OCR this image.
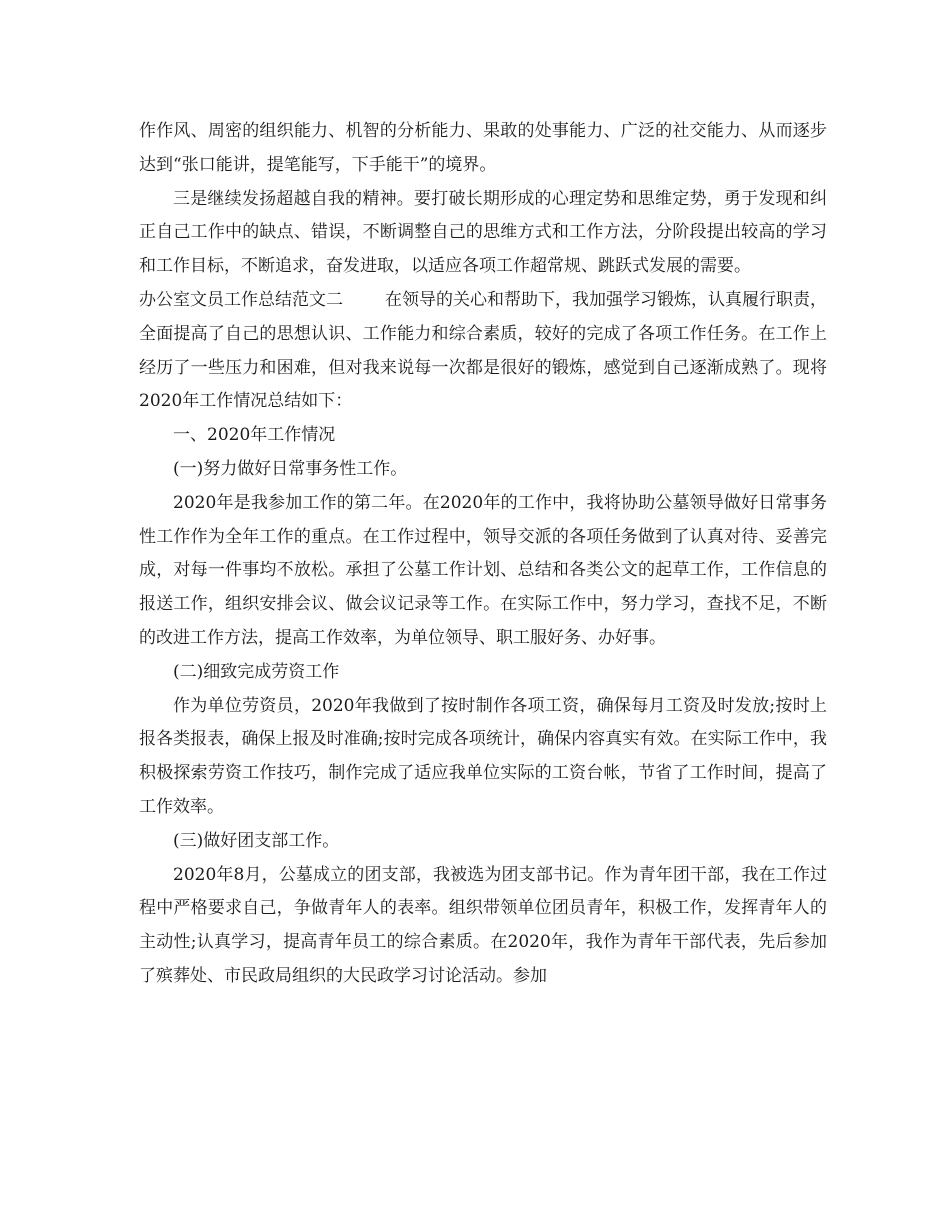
作作风、周密的组织能力、机智的分析能力、果敢的处事能力、广泛的社交能力、从而逐步达到“张口能讲，提笔能写，下手能干”的境界。

三是继续发扬超越自我的精神。要打破长期形成的心理定势和思维定势，勇于发现和纠正自己工作中的缺点、错误，不断调整自己的思维方式和工作方法，分阶段提出较高的学习和工作目标，不断追求，奋发进取，以适应各项工作超常规、跳跃式发展的需要。

办公室文员工作总结范文二 在领导的关心和帮助下，我加强学习锻炼，认真履行职责，全面提高了自己的思想认识、工作能力和综合素质，较好的完成了各项工作任务。在工作上经历了一些压力和困难，但对我来说每一次都是很好的锻炼，感觉到自己逐渐成熟了。现将2020年工作情况总结如下：

一、2020年工作情况

(一)努力做好日常事务性工作。

2020年是我参加工作的第二年。在2020年的工作中，我将协助公墓领导做好日常事务性工作作为全年工作的重点。在工作过程中，领导交派的各项任务做到了认真对待、妥善完成，对每一件事均不放松。承担了公墓工作计划、总结和各类公文的起草工作，工作信息的报送工作，组织安排会议、做会议记录等工作。在实际工作中，努力学习，查找不足，不断的改进工作方法，提高工作效率，为单位领导、职工服好务、办好事。

(二)细致完成劳资工作

作为单位劳资员，2020年我做到了按时制作各项工资，确保每月工资及时发放;按时上报各类报表，确保上报及时准确;按时完成各项统计，确保内容真实有效。在实际工作中，我积极探索劳资工作技巧，制作完成了适应我单位实际的工资台帐，节省了工作时间，提高了工作效率。

(三)做好团支部工作。

2020年8月，公墓成立的团支部，我被选为团支部书记。作为青年团干部，我在工作过程中严格要求自己，争做青年人的表率。组织带领单位团员青年，积极工作，发挥青年人的主动性;认真学习，提高青年员工的综合素质。在2020年，我作为青年干部代表，先后参加了殡葬处、市民政局组织的大民政学习讨论活动。参加
